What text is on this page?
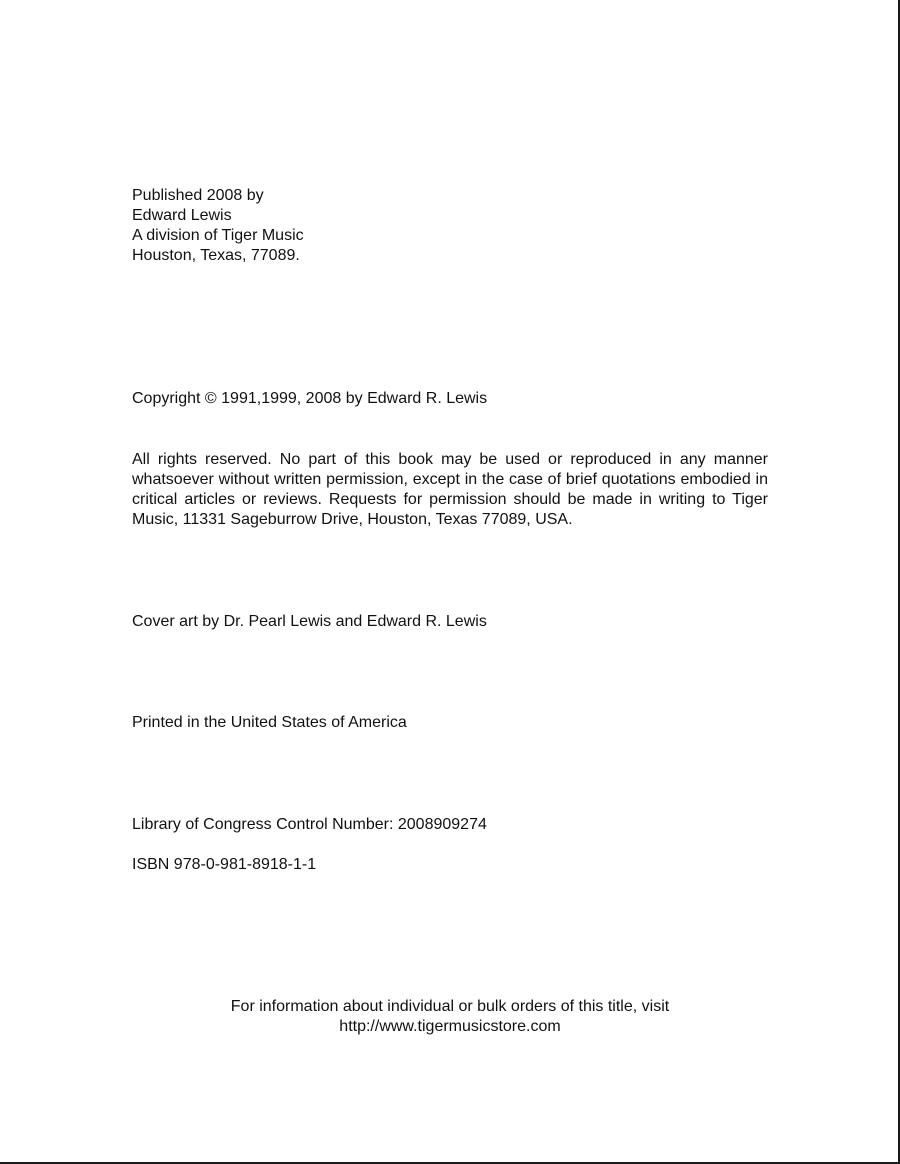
Published 2008 by
Edward Lewis
A division of Tiger Music
Houston, Texas, 77089.
Copyright © 1991,1999, 2008 by Edward R. Lewis
All rights reserved. No part of this book may be used or reproduced in any manner whatsoever without written permission, except in the case of brief quotations embodied in critical articles or reviews. Requests for permission should be made in writing to Tiger Music, 11331 Sageburrow Drive, Houston, Texas 77089, USA.
Cover art by Dr. Pearl Lewis and Edward R. Lewis
Printed in the United States of America
Library of Congress Control Number: 2008909274
ISBN 978-0-981-8918-1-1
For information about individual or bulk orders of this title, visit
http://www.tigermusicstore.com
